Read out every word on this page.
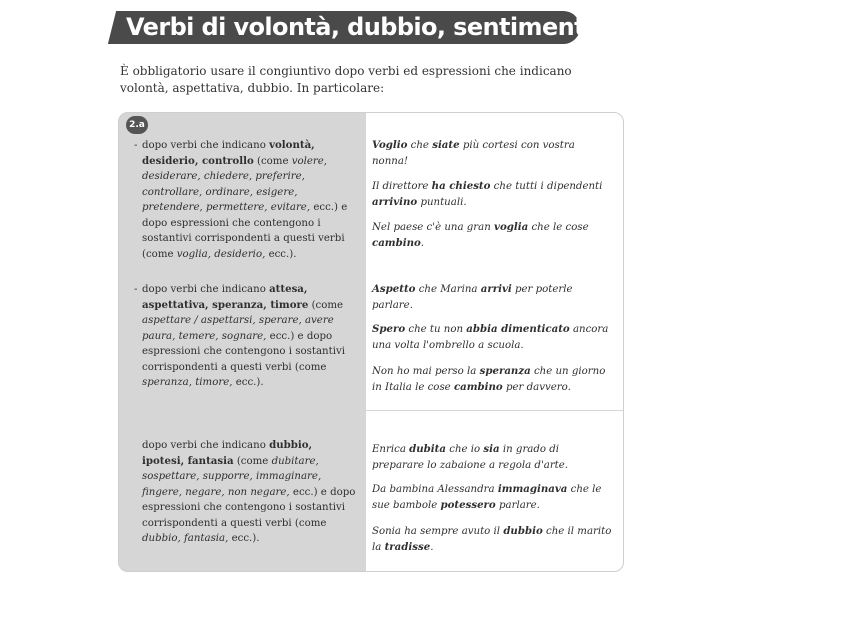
Verbi di volontà, dubbio, sentimento

È obbligatorio usare il congiuntivo dopo verbi ed espressioni che indicano volontà, aspettativa, dubbio. In particolare:

2.a
- dopo verbi che indicano volontà, desiderio, controllo (come volere, desiderare, chiedere, preferire, controllare, ordinare, esigere, pretendere, permettere, evitare, ecc.) e dopo espressioni che contengono i sostantivi corrispondenti a questi verbi (come voglia, desiderio, ecc.).
Voglio che siate più cortesi con vostra nonna!
Il direttore ha chiesto che tutti i dipendenti arrivino puntuali.
Nel paese c'è una gran voglia che le cose cambino.
- dopo verbi che indicano attesa, aspettativa, speranza, timore (come aspettare / aspettarsi, sperare, avere paura, temere, sognare, ecc.) e dopo espressioni che contengono i sostantivi corrispondenti a questi verbi (come speranza, timore, ecc.).
Aspetto che Marina arrivi per poterle parlare.
Spero che tu non abbia dimenticato ancora una volta l'ombrello a scuola.
Non ho mai perso la speranza che un giorno in Italia le cose cambino per davvero.
dopo verbi che indicano dubbio, ipotesi, fantasia (come dubitare, sospettare, supporre, immaginare, fingere, negare, non negare, ecc.) e dopo espressioni che contengono i sostantivi corrispondenti a questi verbi (come dubbio, fantasia, ecc.).
Enrica dubita che io sia in grado di preparare lo zabaione a regola d'arte.
Da bambina Alessandra immaginava che le sue bambole potessero parlare.
Sonia ha sempre avuto il dubbio che il marito la tradisse.
